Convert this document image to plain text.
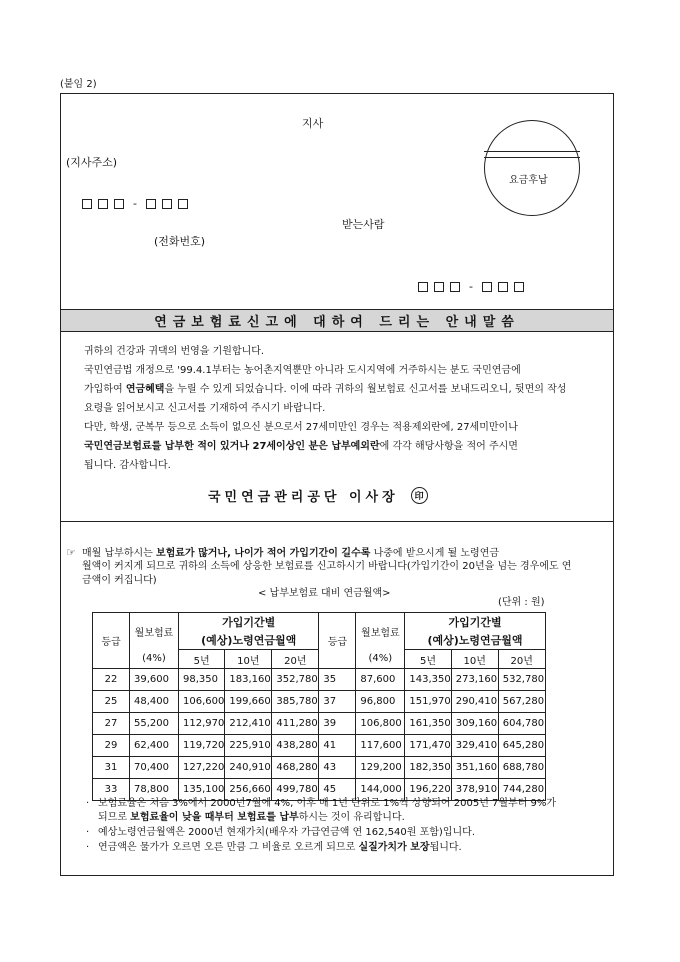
(붙임 2)
지사
(지사주소)
-
(전화번호)
받는사람
요금후납
-
연금보험료신고에 대하여 드리는 안내말씀
귀하의 건강과 귀댁의 번영을 기원합니다.
국민연금법 개정으로 '99.4.1부터는 농어촌지역뿐만 아니라 도시지역에 거주하시는 분도 국민연금에
가입하여 연금혜택을 누릴 수 있게 되었습니다. 이에 따라 귀하의 월보험료 신고서를 보내드리오니, 뒷면의 작성
요령을 읽어보시고 신고서를 기재하여 주시기 바랍니다.
다만, 학생, 군복무 등으로 소득이 없으신 분으로서 27세미만인 경우는 적용제외란에, 27세미만이나
국민연금보험료를 납부한 적이 있거나 27세이상인 분은 납부예외란에 각각 해당사항을 적어 주시면
됩니다. 감사합니다.
국민연금관리공단 이사장	印
☞ 매월 납부하시는 보험료가 많거나, 나이가 적어 가입기간이 길수록 나중에 받으시게 될 노령연금
월액이 커지게 되므로 귀하의 소득에 상응한 보험료를 신고하시기 바랍니다(가입기간이 20년을 넘는 경우에도 연
금액이 커집니다)
< 납부보험료 대비 연금월액>
(단위 : 원)
등급	월보험료	가입기간별			등급	월보험료	가입기간별		
		(예상)노령연금월액					(예상)노령연금월액		
	(4%)	5년	10년	20년		(4%)	5년	10년	20년
22	39,600	98,350	183,160	352,780	35	87,600	143,350	273,160	532,780
25	48,400	106,600	199,660	385,780	37	96,800	151,970	290,410	567,280
27	55,200	112,970	212,410	411,280	39	106,800	161,350	309,160	604,780
29	62,400	119,720	225,910	438,280	41	117,600	171,470	329,410	645,280
31	70,400	127,220	240,910	468,280	43	129,200	182,350	351,160	688,780
33	78,800	135,100	256,660	499,780	45	144,000	196,220	378,910	744,280
· 보험료율은 처음 3%에서 2000년7월에 4%, 이후 매 1년 단위로 1%씩 상향되어 2005년 7월부터 9%가
되므로 보험료율이 낮을 때부터 보험료를 납부하시는 것이 유리합니다.
· 예상노령연금월액은 2000년 현재가치(배우자 가급연금액 연 162,540원 포함)입니다.
· 연금액은 물가가 오르면 오른 만큼 그 비율로 오르게 되므로 실질가치가 보장됩니다.
